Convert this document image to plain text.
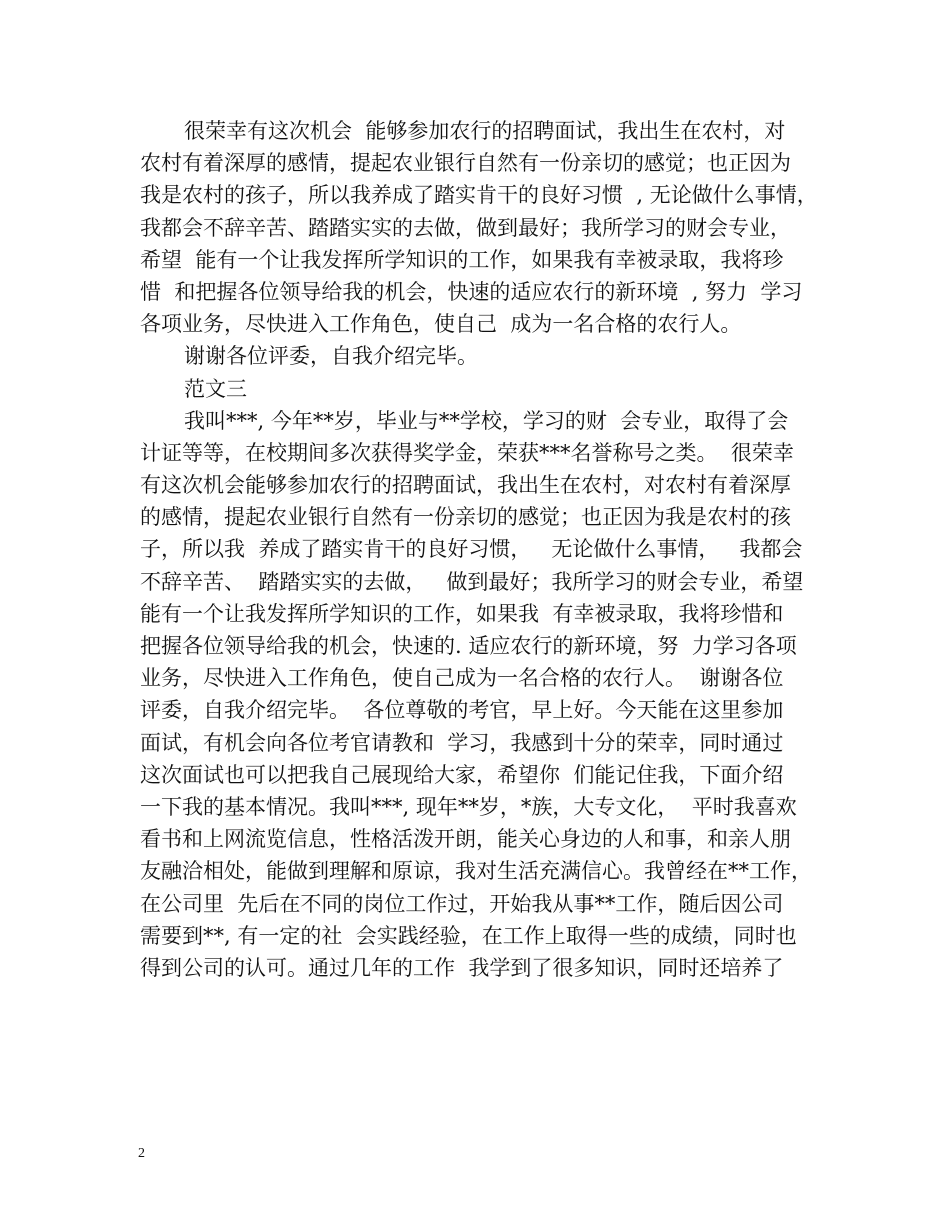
很荣幸有这次机会  能够参加农行的招聘面试，我出生在农村，对
农村有着深厚的感情，提起农业银行自然有一份亲切的感觉；也正因为
我是农村的孩子，所以我养成了踏实肯干的良好习惯  , 无论做什么事情，
我都会不辞辛苦、踏踏实实的去做，做到最好；我所学习的财会专业，
希望  能有一个让我发挥所学知识的工作，如果我有幸被录取，我将珍
惜  和把握各位领导给我的机会，快速的适应农行的新环境  , 努力  学习
各项业务，尽快进入工作角色，使自己  成为一名合格的农行人。
谢谢各位评委，自我介绍完毕。
范文三
我叫***, 今年**岁，毕业与**学校，学习的财  会专业，取得了会
计证等等，在校期间多次获得奖学金，荣获***名誉称号之类。  很荣幸
有这次机会能够参加农行的招聘面试，我出生在农村，对农村有着深厚
的感情，提起农业银行自然有一份亲切的感觉；也正因为我是农村的孩
子，所以我  养成了踏实肯干的良好习惯，   无论做什么事情，   我都会
不辞辛苦、  踏踏实实的去做，   做到最好；我所学习的财会专业，希望
能有一个让我发挥所学知识的工作，如果我  有幸被录取，我将珍惜和
把握各位领导给我的机会，快速的. 适应农行的新环境，努  力学习各项
业务，尽快进入工作角色，使自己成为一名合格的农行人。  谢谢各位
评委，自我介绍完毕。  各位尊敬的考官，早上好。今天能在这里参加
面试，有机会向各位考官请教和  学习，我感到十分的荣幸，同时通过
这次面试也可以把我自己展现给大家，希望你  们能记住我，下面介绍
一下我的基本情况。我叫***, 现年**岁，*族，大专文化，  平时我喜欢
看书和上网流览信息，性格活泼开朗，能关心身边的人和事，和亲人朋
友融洽相处，能做到理解和原谅，我对生活充满信心。我曾经在**工作，
在公司里  先后在不同的岗位工作过，开始我从事**工作，随后因公司
需要到**, 有一定的社  会实践经验，在工作上取得一些的成绩，同时也
得到公司的认可。通过几年的工作  我学到了很多知识，同时还培养了
2
